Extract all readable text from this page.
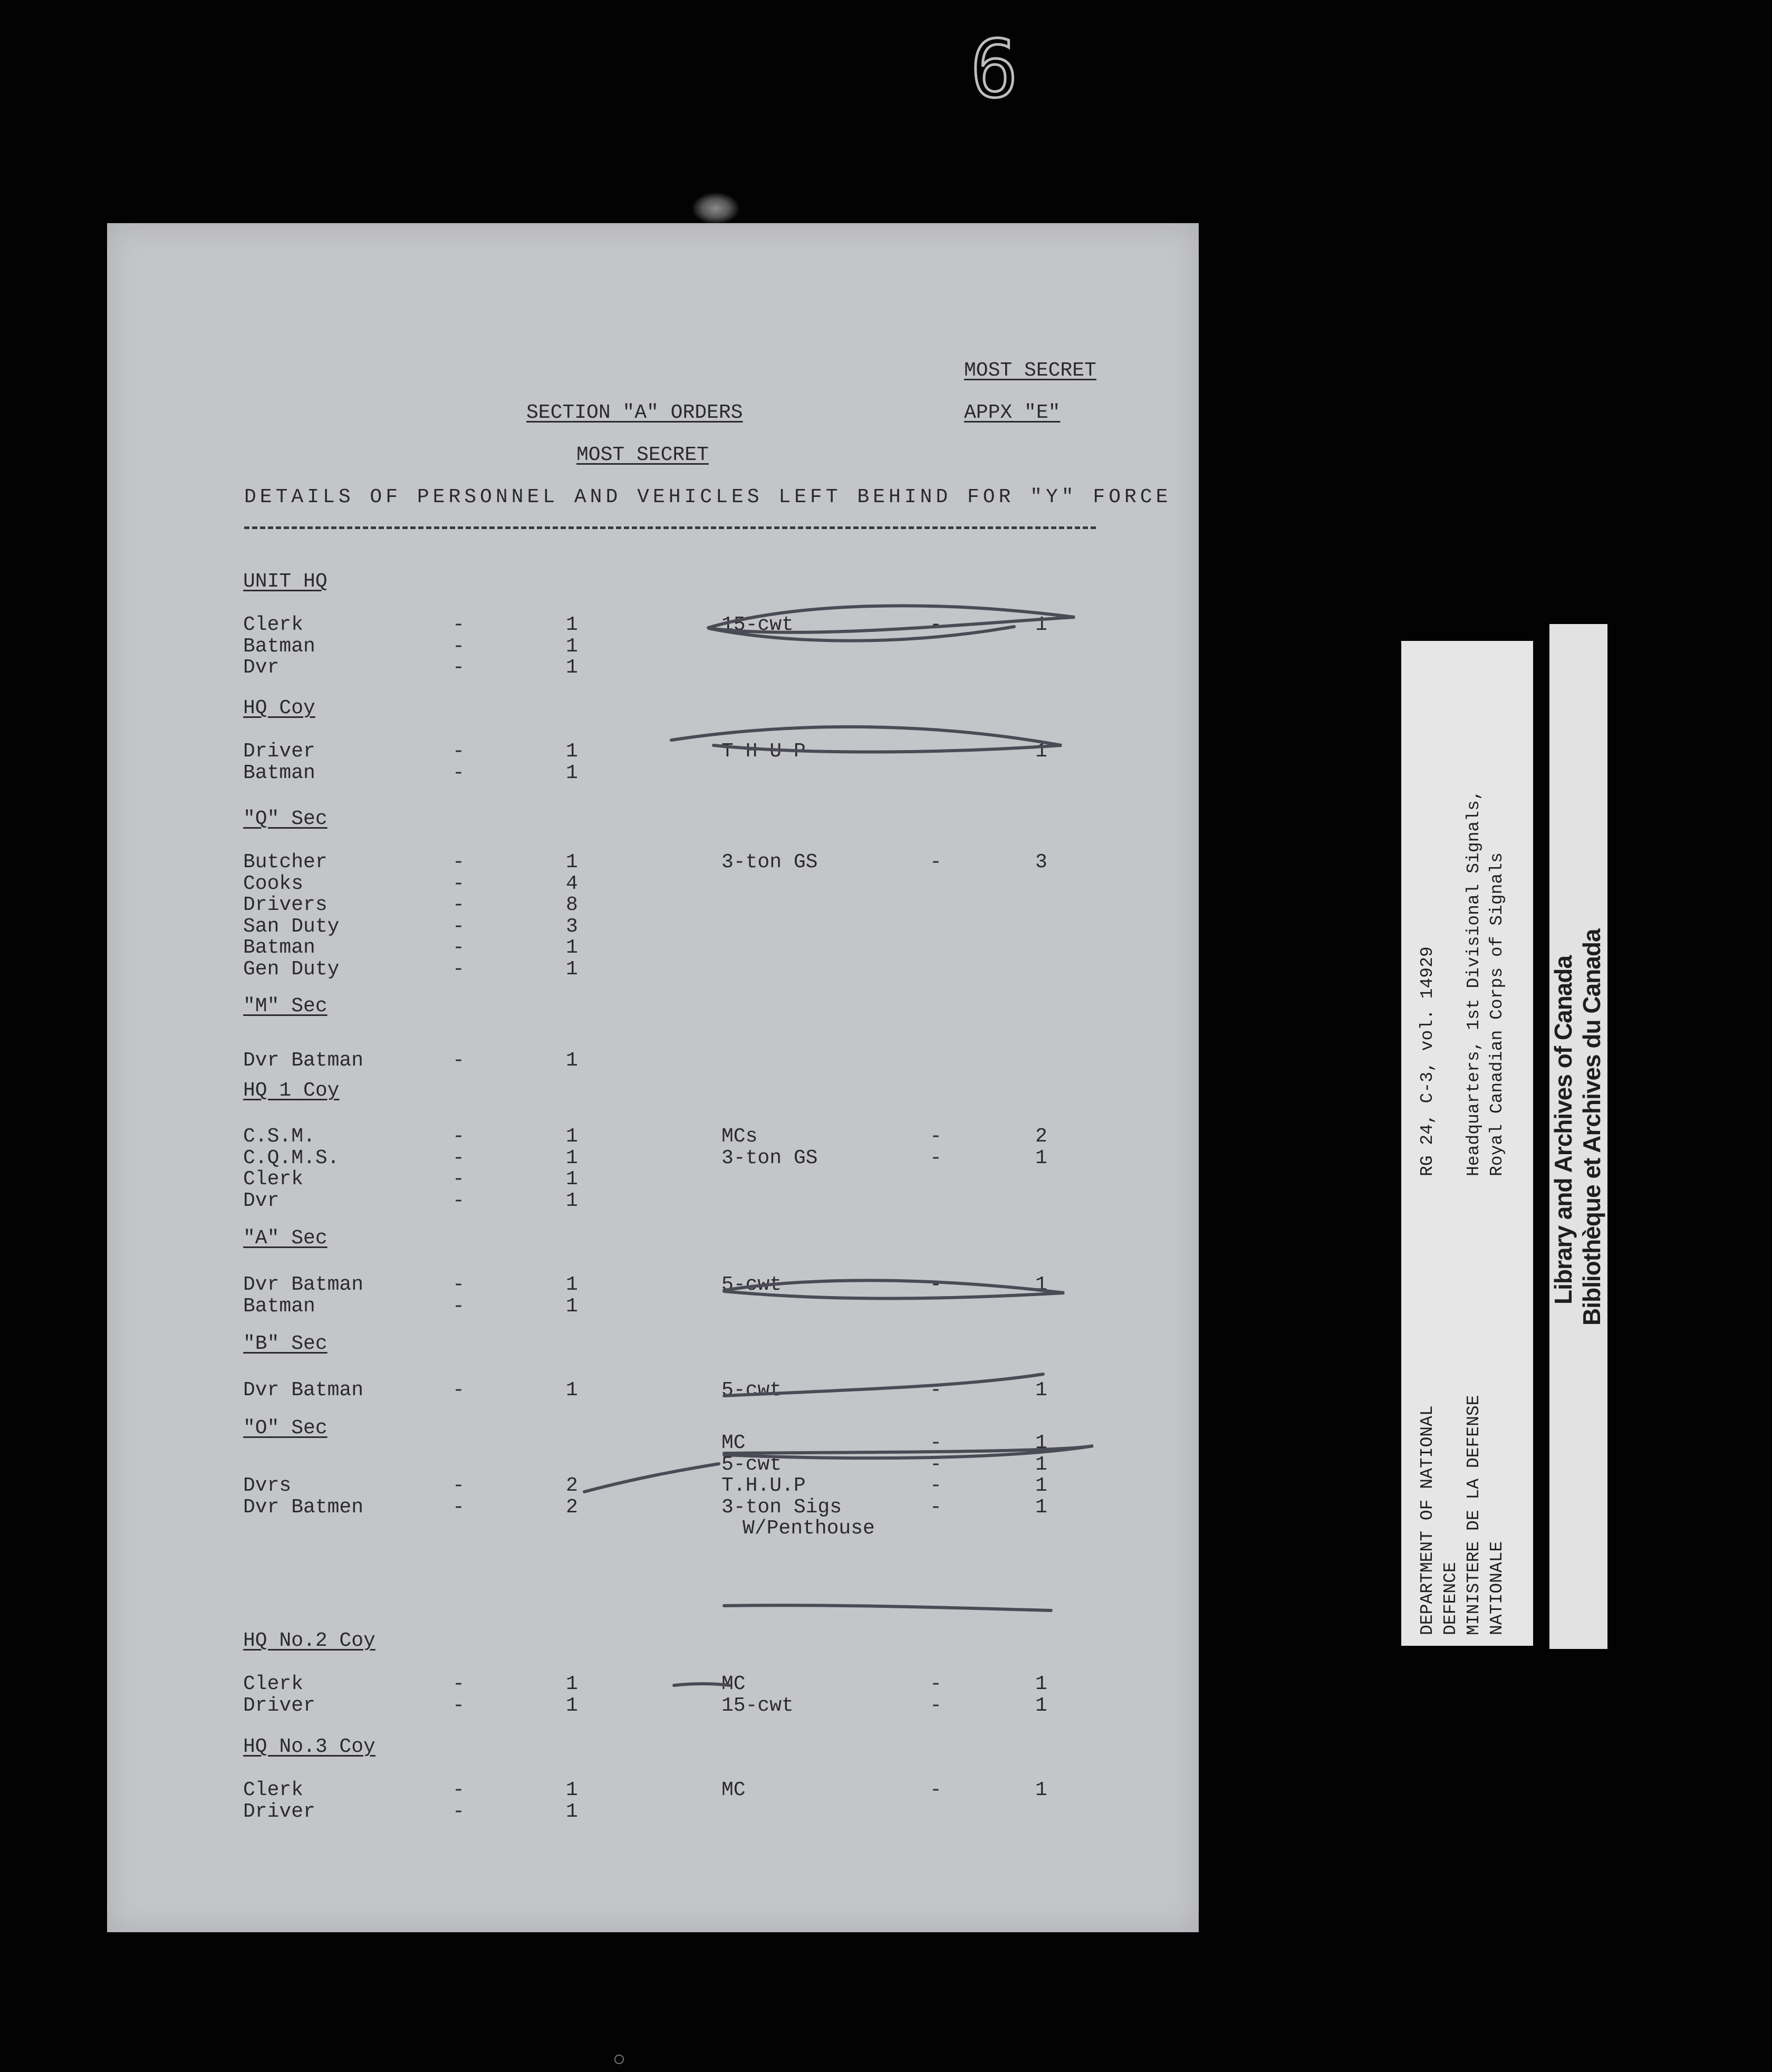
6
MOST SECRET
SECTION "A" ORDERS	APPX "E"
MOST SECRET
DETAILS OF PERSONNEL AND VEHICLES LEFT BEHIND FOR "Y" FORCE
UNIT HQ
Clerk	-	1	15-cwt	-	1
Batman	-	1
Dvr	-	1
HQ Coy
Driver	-	1	T H U P	-	1
Batman	-	1
"Q" Sec
Butcher	-	1	3-ton GS	-	3
Cooks	-	4
Drivers	-	8
San Duty	-	3
Batman	-	1
Gen Duty	-	1
"M" Sec
Dvr Batman	-	1
HQ 1 Coy
C.S.M.	-	1	MCs	-	2
C.Q.M.S.	-	1	3-ton GS	-	1
Clerk	-	1
Dvr	-	1
"A" Sec
Dvr Batman	-	1	5-cwt	-	1
Batman	-	1
"B" Sec
Dvr Batman	-	1	5-cwt	-	1
"O" Sec
MC	-	1
5-cwt	-	1
Dvrs	-	2	T.H.U.P	-	1
Dvr Batmen	-	2	3-ton Sigs	-	1
W/Penthouse
HQ No.2 Coy
Clerk	-	1	MC	-	1
Driver	-	1	15-cwt	-	1
HQ No.3 Coy
Clerk	-	1	MC	-	1
Driver	-	1
DEPARTMENT OF NATIONAL DEFENCE MINISTERE DE LA DEFENSE NATIONALE
RG 24, C-3, vol. 14929 Headquarters, 1st Divisional Signals, Royal Canadian Corps of Signals Library and Archives of Canada Bibliothèque et Archives du Canada
